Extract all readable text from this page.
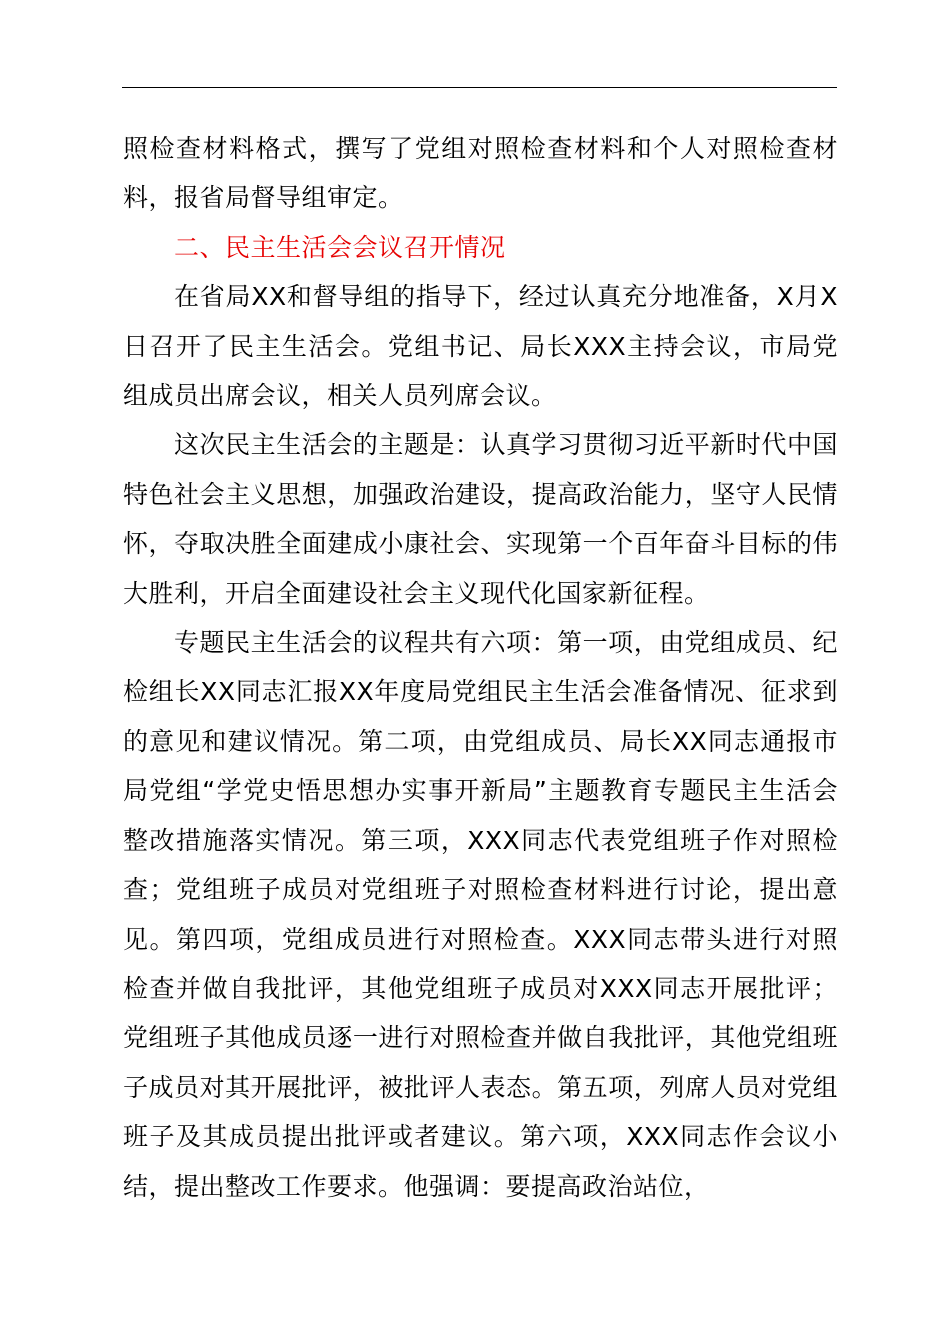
照检查材料格式，撰写了党组对照检查材料和个人对照检查材料，报省局督导组审定。

二、民主生活会会议召开情况

在省局XX和督导组的指导下，经过认真充分地准备，X月X日召开了民主生活会。党组书记、局长XXX主持会议，市局党组成员出席会议，相关人员列席会议。

这次民主生活会的主题是：认真学习贯彻习近平新时代中国特色社会主义思想，加强政治建设，提高政治能力，坚守人民情怀，夺取决胜全面建成小康社会、实现第一个百年奋斗目标的伟大胜利，开启全面建设社会主义现代化国家新征程。

专题民主生活会的议程共有六项：第一项，由党组成员、纪检组长XX同志汇报XX年度局党组民主生活会准备情况、征求到的意见和建议情况。第二项，由党组成员、局长XX同志通报市局党组“学党史悟思想办实事开新局”主题教育专题民主生活会整改措施落实情况。第三项，XXX同志代表党组班子作对照检查；党组班子成员对党组班子对照检查材料进行讨论，提出意见。第四项，党组成员进行对照检查。XXX同志带头进行对照检查并做自我批评，其他党组班子成员对XXX同志开展批评；党组班子其他成员逐一进行对照检查并做自我批评，其他党组班子成员对其开展批评，被批评人表态。第五项，列席人员对党组班子及其成员提出批评或者建议。第六项，XXX同志作会议小结，提出整改工作要求。他强调：要提高政治站位，
